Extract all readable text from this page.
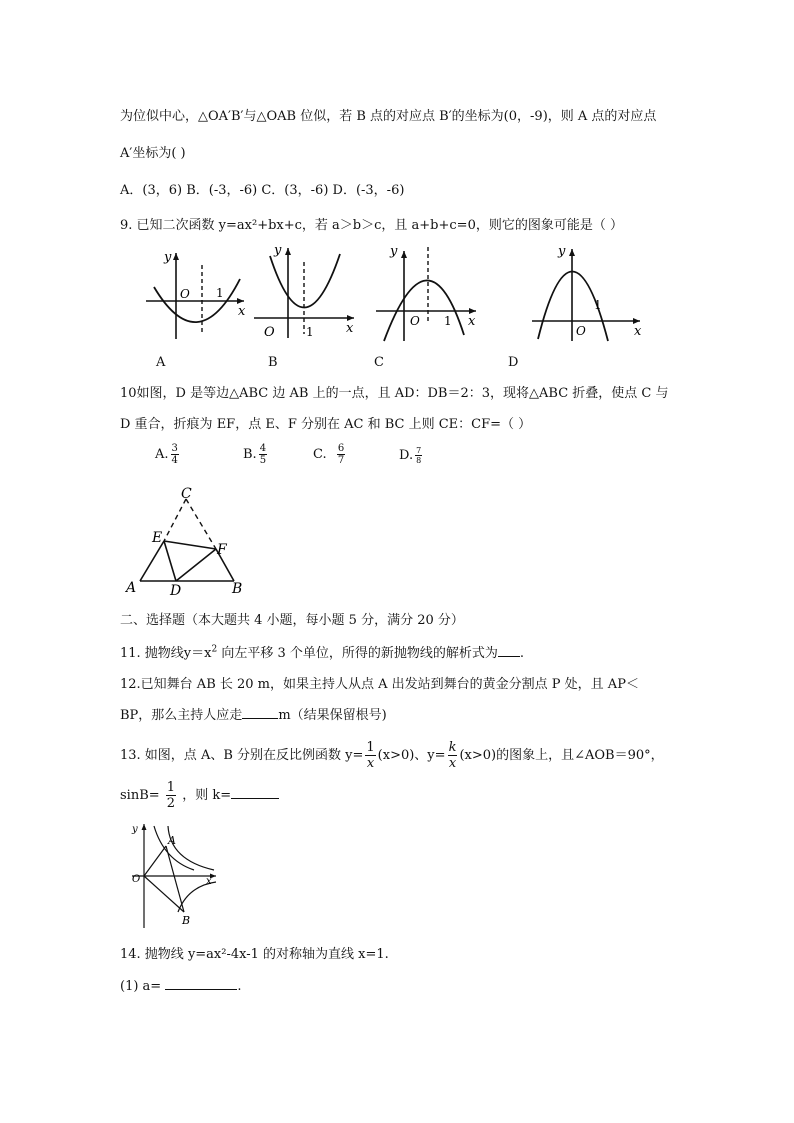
为位似中心，△OA′B′与△OAB 位似，若 B 点的对应点 B′的坐标为(0，-9)，则 A 点的对应点
A′坐标为( )
A．(3，6) B．(-3，-6) C．(3，-6) D．(-3，-6)
9. 已知二次函数 y=ax²+bx+c，若 a＞b＞c，且 a+b+c=0，则它的图象可能是（ ）
y
x
O 1
y
x
O	1
y
x
O 1
y
x
O
1
A	B	C	D
10如图，D 是等边△ABC 边 AB 上的一点，且 AD：DB＝2：3，现将△ABC 折叠，使点 C 与
D 重合，折痕为 EF，点 E、F 分别在 AC 和 BC 上则 CE：CF=（ ）
A. $\frac{3}{4}$	B. $\frac{4}{5}$	C. $\frac{6}{7}$	D. $\frac{7}{8}$
C
E
F
A D	B
二、选择题（本大题共 4 小题，每小题 5 分，满分 20 分）
11. 抛物线$y=x^2$ 向左平移 3 个单位，所得的新抛物线的解析式为 .
12.已知舞台 AB 长 20 m，如果主持人从点 A 出发站到舞台的黄金分割点 P 处，且 AP＜
BP，那么主持人应走	m（结果保留根号)
13. 如图，点 A、B 分别在反比例函数 $y= \frac{1}{x} (x>0)$、$y= \frac{k}{x} (x>0)$的图象上，且∠AOB＝90°，
$\sin B= \frac{1}{2}$ ，则 k=
y
A
O	x
B
14. 抛物线 y=ax²-4x-1 的对称轴为直线 x=1.
(1) a=	.
